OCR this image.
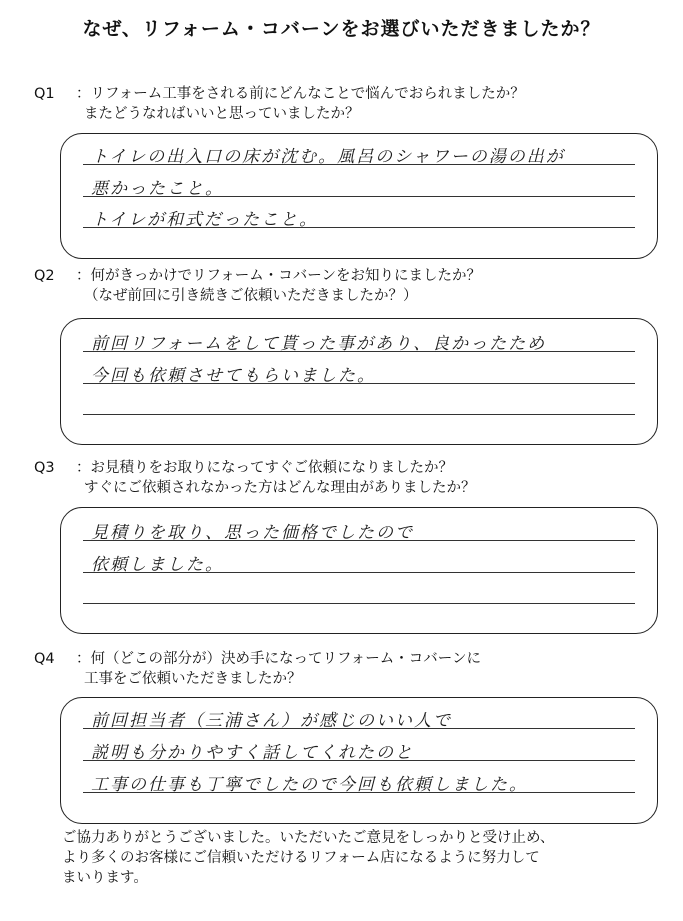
なぜ、リフォーム・コバーンをお選びいただきましたか？
Q1 ：リフォーム工事をされる前にどんなことで悩んでおられましたか？
またどうなればいいと思っていましたか？
トイレの出入口の床が沈む。風呂のシャワーの湯の出が
悪かったこと。
トイレが和式だったこと。
Q2 ：何がきっかけでリフォーム・コバーンをお知りにましたか？
（なぜ前回に引き続きご依頼いただきましたか？）
前回リフォームをして貰った事があり、良かったため
今回も依頼させてもらいました。
Q3 ：お見積りをお取りになってすぐご依頼になりましたか？
すぐにご依頼されなかった方はどんな理由がありましたか？
見積りを取り、思った価格でしたので
依頼しました。
Q4 ：何（どこの部分が）決め手になってリフォーム・コバーンに
工事をご依頼いただきましたか？
前回担当者（三浦さん）が感じのいい人で
説明も分かりやすく話してくれたのと
工事の仕事も丁寧でしたので今回も依頼しました。
ご協力ありがとうございました。いただいたご意見をしっかりと受け止め、
より多くのお客様にご信頼いただけるリフォーム店になるように努力して
まいります。
